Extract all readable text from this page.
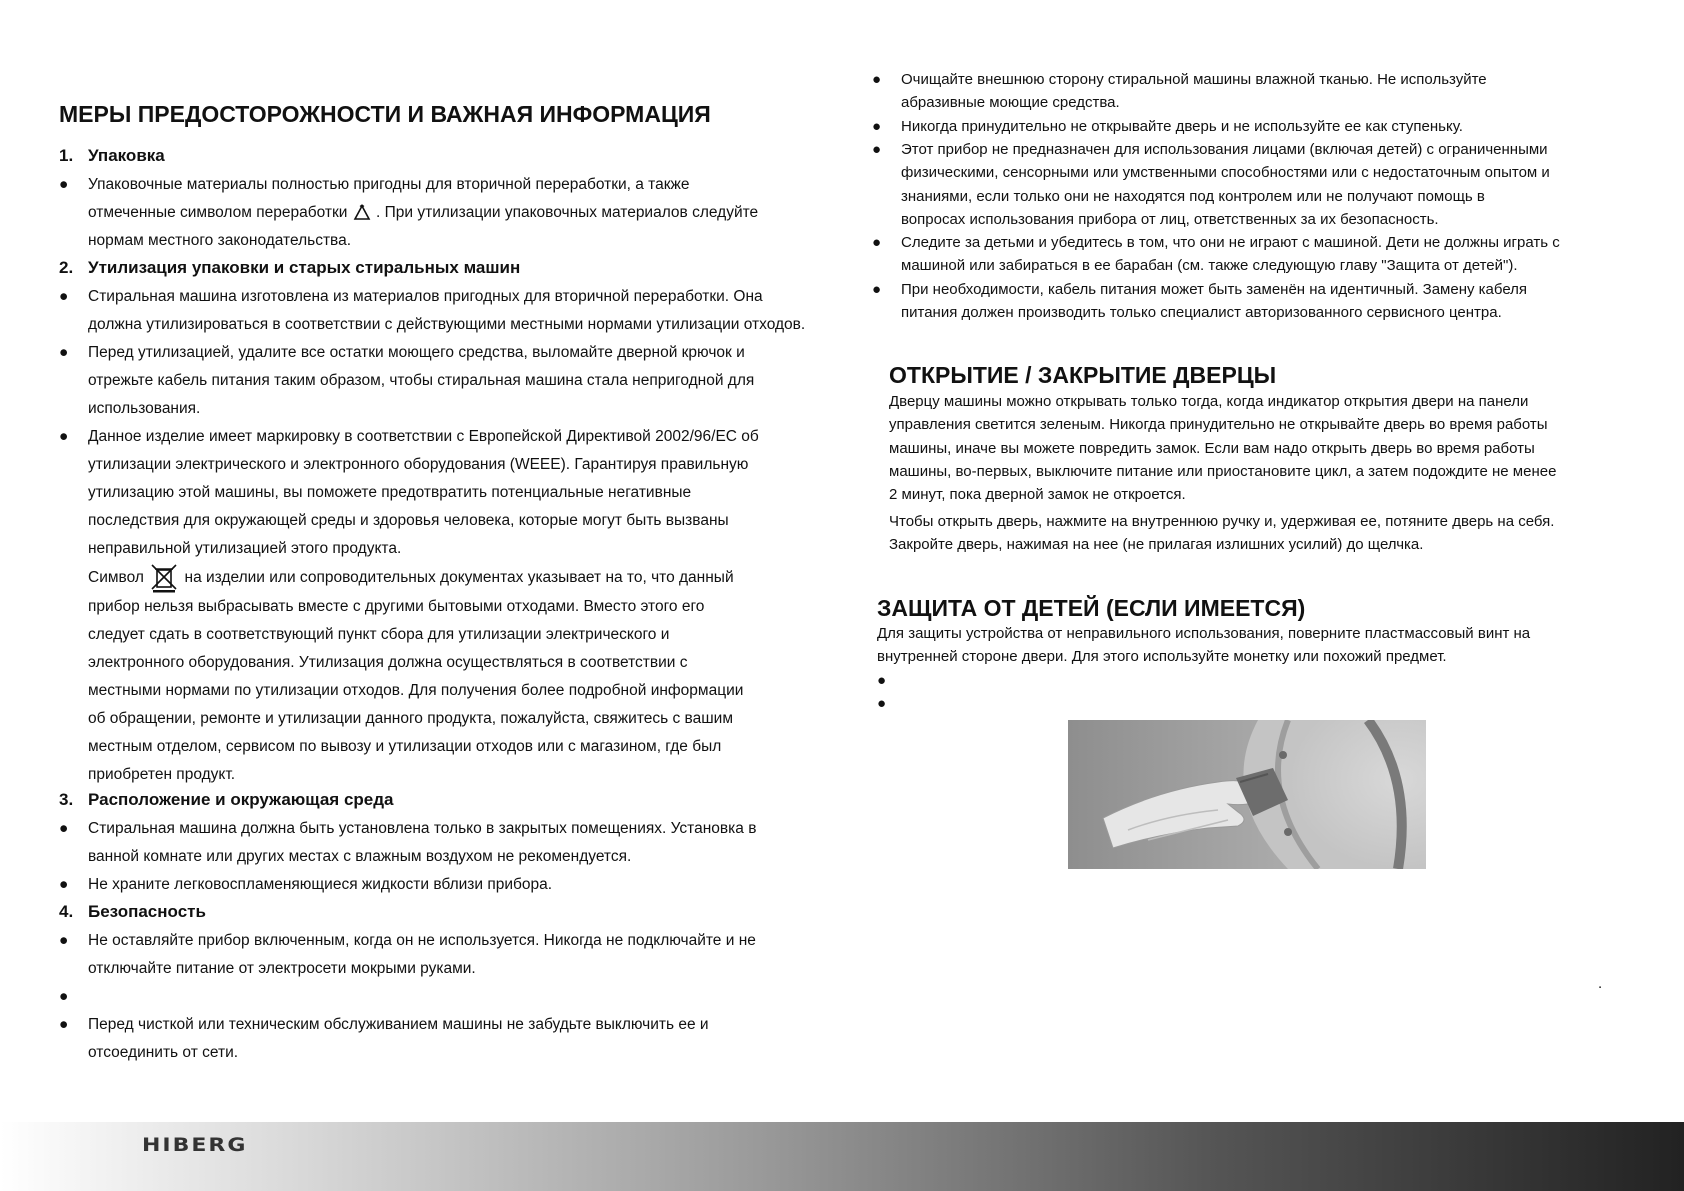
МЕРЫ ПРЕДОСТОРОЖНОСТИ И ВАЖНАЯ ИНФОРМАЦИЯ
1. Упаковка
●	Упаковочные материалы полностью пригодны для вторичной переработки, а также
отмеченные символом переработки . При утилизации упаковочных материалов следуйте
нормам местного законодательства.
2. Утилизация упаковки и старых стиральных машин
●	Стиральная машина изготовлена из материалов пригодных для вторичной переработки. Она
должна утилизироваться в соответствии с действующими местными нормами утилизации отходов.
●	Перед утилизацией, удалите все остатки моющего средства, выломайте дверной крючок и
отрежьте кабель питания таким образом, чтобы стиральная машина стала непригодной для
использования.
●	Данное изделие имеет маркировку в соответствии с Европейской Директивой 2002/96/ЕС об
утилизации электрического и электронного оборудования (WEEE). Гарантируя правильную
утилизацию этой машины, вы поможете предотвратить потенциальные негативные
последствия для окружающей среды и здоровья человека, которые могут быть вызваны
неправильной утилизацией этого продукта.
Символ	на изделии или сопроводительных документах указывает на то, что данный
прибор нельзя выбрасывать вместе с другими бытовыми отходами. Вместо этого его
следует сдать в соответствующий пункт сбора для утилизации электрического и
электронного оборудования. Утилизация должна осуществляться в соответствии с
местными нормами по утилизации отходов. Для получения более подробной информации
об обращении, ремонте и утилизации данного продукта, пожалуйста, свяжитесь с вашим
местным отделом, сервисом по вывозу и утилизации отходов или с магазином, где был
приобретен продукт.
3. Расположение и окружающая среда
●	Стиральная машина должна быть установлена только в закрытых помещениях. Установка в
ванной комнате или других местах с влажным воздухом не рекомендуется.
●	Не храните легковоспламеняющиеся жидкости вблизи прибора.
4. Безопасность
●	Не оставляйте прибор включенным, когда он не используется. Никогда не подключайте и не
отключайте питание от электросети мокрыми руками.
●
●	Перед чисткой или техническим обслуживанием машины не забудьте выключить ее и
отсоединить от сети.
● Очищайте внешнюю сторону стиральной машины влажной тканью. Не используйте
абразивные моющие средства.
● Никогда принудительно не открывайте дверь и не используйте ее как ступеньку.
● Этот прибор не предназначен для использования лицами (включая детей) с ограниченными
физическими, сенсорными или умственными способностями или с недостаточным опытом и
знаниями, если только они не находятся под контролем или не получают помощь в
вопросах использования прибора от лиц, ответственных за их безопасность.
● Следите за детьми и убедитесь в том, что они не играют с машиной. Дети не должны играть с
машиной или забираться в ее барабан (см. также следующую главу "Защита от детей").
● При необходимости, кабель питания может быть заменён на идентичный. Замену кабеля
питания должен производить только специалист авторизованного сервисного центра.
ОТКРЫТИЕ / ЗАКРЫТИЕ ДВЕРЦЫ
Дверцу машины можно открывать только тогда, когда индикатор открытия двери на панели
управления светится зеленым. Никогда принудительно не открывайте дверь во время работы
машины, иначе вы можете повредить замок. Если вам надо открыть дверь во время работы
машины, во-первых, выключите питание или приостановите цикл, а затем подождите не менее
2 минут, пока дверной замок не откроется.
Чтобы открыть дверь, нажмите на внутреннюю ручку и, удерживая ее, потяните дверь на себя.
Закройте дверь, нажимая на нее (не прилагая излишних усилий) до щелчка.
ЗАЩИТА ОТ ДЕТЕЙ (ЕСЛИ ИМЕЕТСЯ)
Для защиты устройства от неправильного использования, поверните пластмассовый винт на
внутренней стороне двери. Для этого используйте монетку или похожий предмет.
●
●
.
HIBERG
